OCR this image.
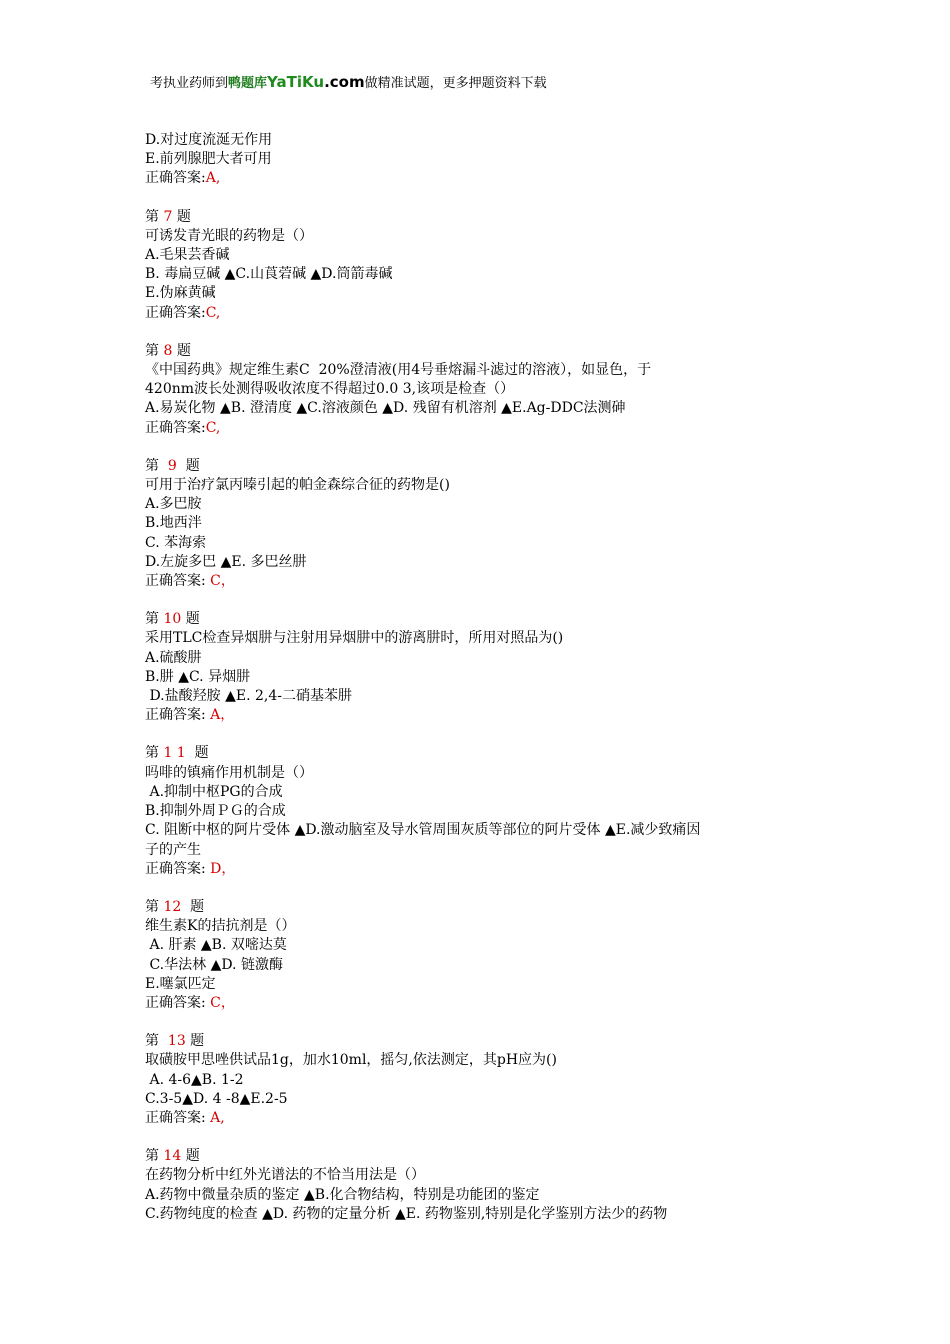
考执业药师到鸭题库YaTiKu.com做精准试题，更多押题资料下载
D.对过度流涎无作用
E.前列腺肥大者可用
正确答案:A,
第 7 题
可诱发青光眼的药物是（）
A.毛果芸香碱
B. 毒扁豆碱 ▲C.山莨菪碱 ▲D.筒箭毒碱
E.伪麻黄碱
正确答案:C,
第 8 题
《中国药典》规定维生素C  20%澄清液(用4号垂熔漏斗滤过的溶液），如显色，于
420nm波长处测得吸收浓度不得超过0.0 3,该项是检查（）
A.易炭化物 ▲B. 澄清度 ▲C.溶液颜色 ▲D. 残留有机溶剂 ▲E.Ag-DDC法测砷
正确答案:C,
第  9  题
可用于治疗氯丙嗪引起的帕金森综合征的药物是()
A.多巴胺
B.地西泮
C. 苯海索
D.左旋多巴 ▲E. 多巴丝肼
正确答案: C，
第 10 题
采用TLC检查异烟肼与注射用异烟肼中的游离肼时，所用对照品为()
A.硫酸肼
B.肼 ▲C. 异烟肼
D.盐酸羟胺 ▲E. 2,4-二硝基苯肼
正确答案: A，
第 1 1  题
吗啡的镇痛作用机制是（）
A.抑制中枢PG的合成
B.抑制外周ＰＧ的合成
C. 阻断中枢的阿片受体 ▲D.激动脑室及导水管周围灰质等部位的阿片受体 ▲E.减少致痛因
子的产生
正确答案: D，
第 12  题
维生素K的拮抗剂是（）
A. 肝素 ▲B. 双嘧达莫
C.华法林 ▲D. 链激酶
E.噻氯匹定
正确答案: C，
第  13 题
取磺胺甲思唑供试品1g，加水10ml，摇匀,依法测定，其pH应为()
A. 4-6▲B. 1-2
C.3-5▲D. 4 -8▲E.2-5
正确答案: A,
第 14 题
在药物分析中红外光谱法的不恰当用法是（）
A.药物中微量杂质的鉴定 ▲B.化合物结构，特别是功能团的鉴定
C.药物纯度的检查 ▲D. 药物的定量分析 ▲E. 药物鉴别,特别是化学鉴别方法少的药物
